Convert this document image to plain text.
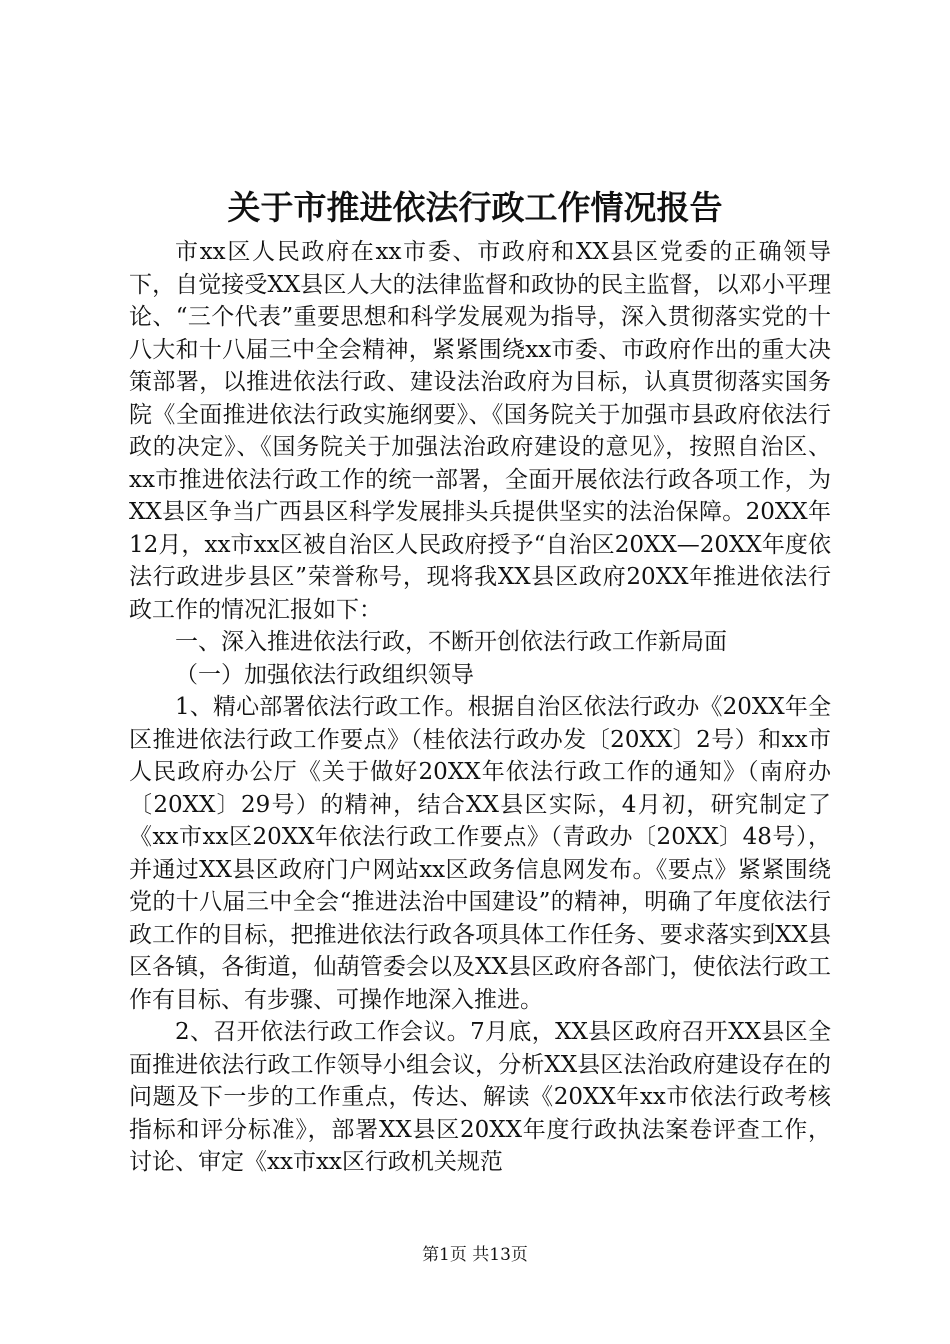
关于市推进依法行政工作情况报告

市xx区人民政府在xx市委、市政府和XX县区党委的正确领导下，自觉接受XX县区人大的法律监督和政协的民主监督，以邓小平理论、“三个代表”重要思想和科学发展观为指导，深入贯彻落实党的十八大和十八届三中全会精神，紧紧围绕xx市委、市政府作出的重大决策部署，以推进依法行政、建设法治政府为目标，认真贯彻落实国务院《全面推进依法行政实施纲要》、《国务院关于加强市县政府依法行政的决定》、《国务院关于加强法治政府建设的意见》，按照自治区、xx市推进依法行政工作的统一部署，全面开展依法行政各项工作，为XX县区争当广西县区科学发展排头兵提供坚实的法治保障。20XX年12月，xx市xx区被自治区人民政府授予“自治区20XX—20XX年度依法行政进步县区”荣誉称号，现将我XX县区政府20XX年推进依法行政工作的情况汇报如下：

一、深入推进依法行政，不断开创依法行政工作新局面

（一）加强依法行政组织领导

1、精心部署依法行政工作。根据自治区依法行政办《20XX年全区推进依法行政工作要点》（桂依法行政办发〔20XX〕2号）和xx市人民政府办公厅《关于做好20XX年依法行政工作的通知》（南府办〔20XX〕29号）的精神，结合XX县区实际，4月初，研究制定了《xx市xx区20XX年依法行政工作要点》（青政办〔20XX〕48号），并通过XX县区政府门户网站xx区政务信息网发布。《要点》紧紧围绕党的十八届三中全会“推进法治中国建设”的精神，明确了年度依法行政工作的目标，把推进依法行政各项具体工作任务、要求落实到XX县区各镇，各街道，仙葫管委会以及XX县区政府各部门，使依法行政工作有目标、有步骤、可操作地深入推进。

2、召开依法行政工作会议。7月底，XX县区政府召开XX县区全面推进依法行政工作领导小组会议，分析XX县区法治政府建设存在的问题及下一步的工作重点，传达、解读《20XX年xx市依法行政考核指标和评分标准》，部署XX县区20XX年度行政执法案卷评查工作，讨论、审定《xx市xx区行政机关规范

第1页 共13页
